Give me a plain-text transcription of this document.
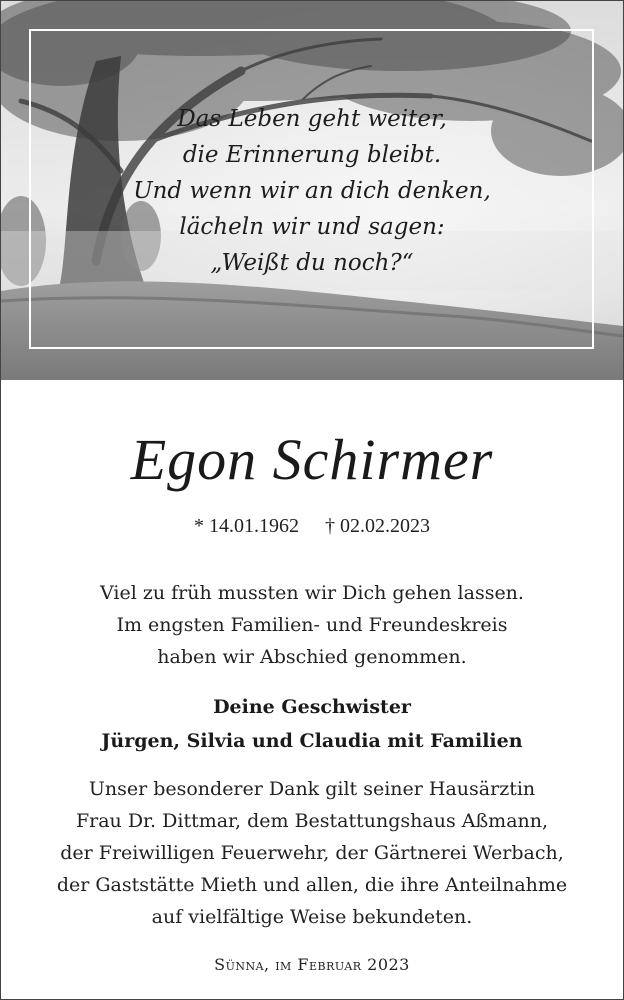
Das Leben geht weiter,
die Erinnerung bleibt.
Und wenn wir an dich denken,
lächeln wir und sagen:
„Weißt du noch?“
Egon Schirmer
* 14.01.1962 † 02.02.2023
Viel zu früh mussten wir Dich gehen lassen.
Im engsten Familien- und Freundeskreis
haben wir Abschied genommen.
Deine Geschwister
Jürgen, Silvia und Claudia mit Familien
Unser besonderer Dank gilt seiner Hausärztin
Frau Dr. Dittmar, dem Bestattungshaus Aßmann,
der Freiwilligen Feuerwehr, der Gärtnerei Werbach,
der Gaststätte Mieth und allen, die ihre Anteilnahme
auf vielfältige Weise bekundeten.
Sünna, im Februar 2023
